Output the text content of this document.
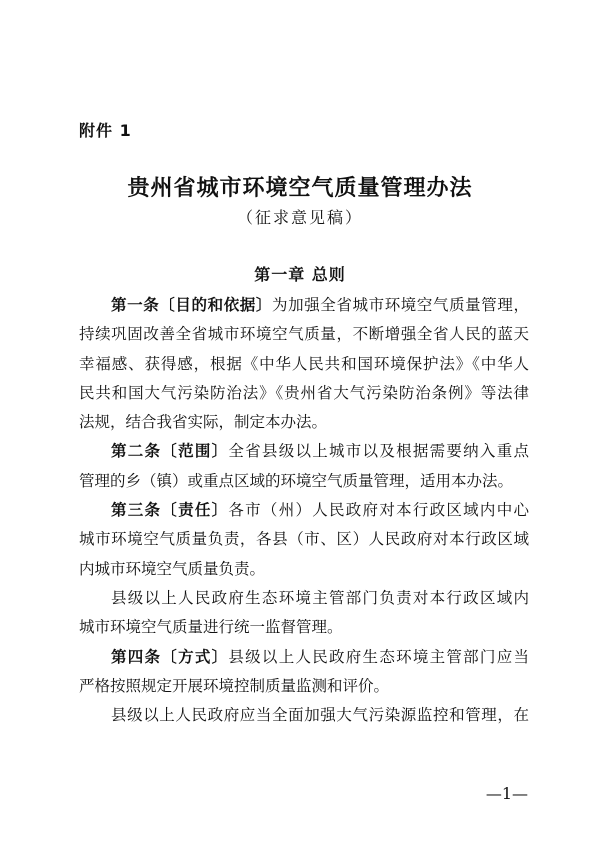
附件 1
贵州省城市环境空气质量管理办法
（征求意见稿）
第一章 总则
第一条〔目的和依据〕为加强全省城市环境空气质量管理，
持续巩固改善全省城市环境空气质量，不断增强全省人民的蓝天
幸福感、获得感，根据《中华人民共和国环境保护法》《中华人
民共和国大气污染防治法》《贵州省大气污染防治条例》等法律
法规，结合我省实际，制定本办法。
第二条〔范围〕全省县级以上城市以及根据需要纳入重点
管理的乡（镇）或重点区域的环境空气质量管理，适用本办法。
第三条〔责任〕各市（州）人民政府对本行政区域内中心
城市环境空气质量负责，各县（市、区）人民政府对本行政区域
内城市环境空气质量负责。
县级以上人民政府生态环境主管部门负责对本行政区域内
城市环境空气质量进行统一监督管理。
第四条〔方式〕县级以上人民政府生态环境主管部门应当
严格按照规定开展环境控制质量监测和评价。
县级以上人民政府应当全面加强大气污染源监控和管理，在
—1—
